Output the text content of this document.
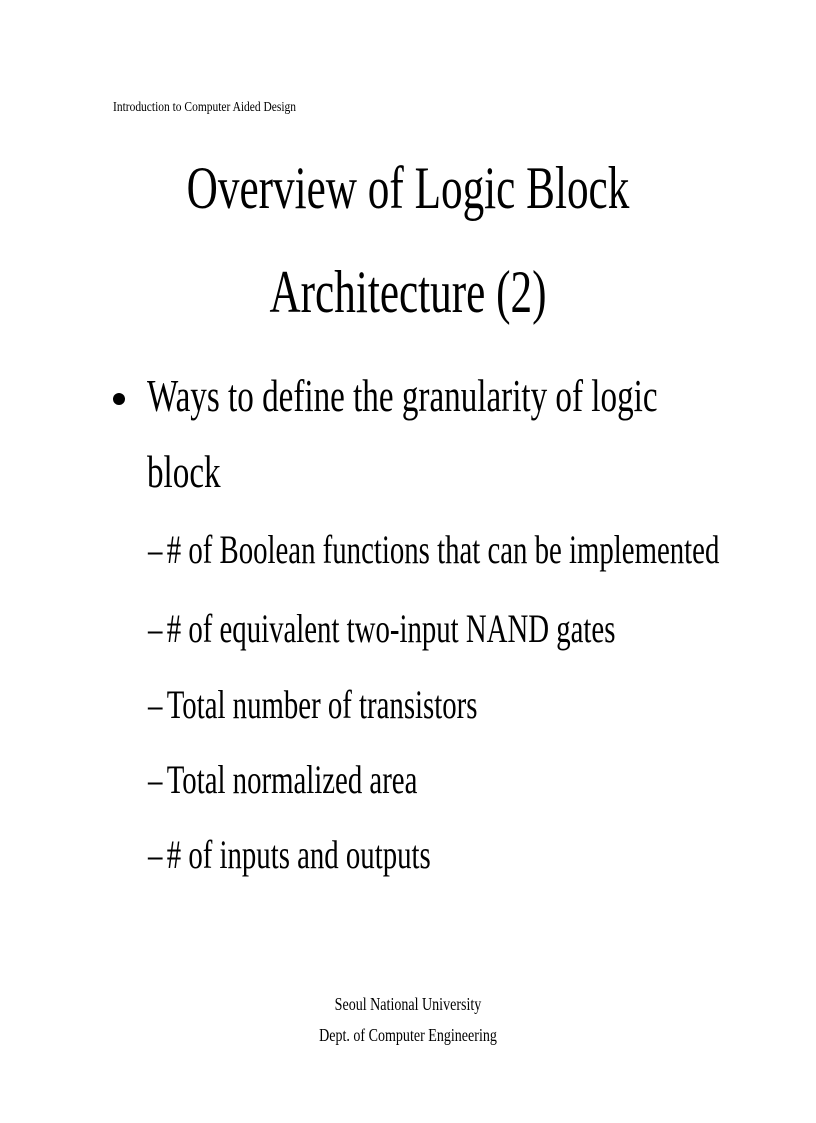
Introduction to Computer Aided Design
Overview of Logic Block
Architecture (2)
Ways to define the granularity of logic
block
– # of Boolean functions that can be implemented
– # of equivalent two-input NAND gates
– Total number of transistors
– Total normalized area
– # of inputs and outputs
Seoul National University
Dept. of Computer Engineering
